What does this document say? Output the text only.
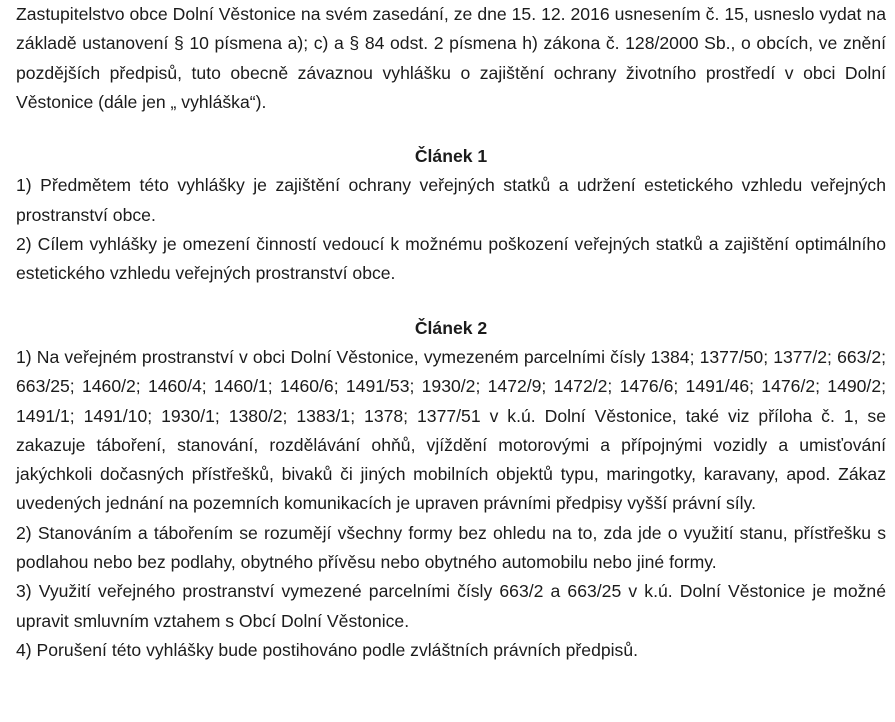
Zastupitelstvo obce Dolní Věstonice na svém zasedání, ze dne 15. 12. 2016 usnesením č. 15, usneslo vydat na základě ustanovení § 10 písmena a); c) a § 84 odst. 2 písmena h) zákona č. 128/2000 Sb., o obcích, ve znění pozdějších předpisů, tuto obecně závaznou vyhlášku o zajištění ochrany životního prostředí v obci Dolní Věstonice (dále jen „ vyhláška“).

Článek 1

1) Předmětem této vyhlášky je zajištění ochrany veřejných statků a udržení estetického vzhledu veřejných prostranství obce.

2) Cílem vyhlášky je omezení činností vedoucí k možnému poškození veřejných statků a zajištění optimálního estetického vzhledu veřejných prostranství obce.

Článek 2

1) Na veřejném prostranství v obci Dolní Věstonice, vymezeném parcelními čísly 1384; 1377/50; 1377/2; 663/2; 663/25; 1460/2; 1460/4; 1460/1; 1460/6; 1491/53; 1930/2; 1472/9; 1472/2; 1476/6; 1491/46; 1476/2; 1490/2; 1491/1; 1491/10; 1930/1; 1380/2; 1383/1; 1378; 1377/51 v k.ú. Dolní Věstonice, také viz příloha č. 1, se zakazuje táboření, stanování, rozdělávání ohňů, vjíždění motorovými a přípojnými vozidly a umisťování jakýchkoli dočasných přístřešků, bivaků či jiných mobilních objektů typu, maringotky, karavany, apod. Zákaz uvedených jednání na pozemních komunikacích je upraven právními předpisy vyšší právní síly.

2) Stanováním a tábořením se rozumějí všechny formy bez ohledu na to, zda jde o využití stanu, přístřešku s podlahou nebo bez podlahy, obytného přívěsu nebo obytného automobilu nebo jiné formy.

3) Využití veřejného prostranství vymezené parcelními čísly 663/2 a 663/25 v k.ú. Dolní Věstonice je možné upravit smluvním vztahem s Obcí Dolní Věstonice.

4) Porušení této vyhlášky bude postihováno podle zvláštních právních předpisů.
